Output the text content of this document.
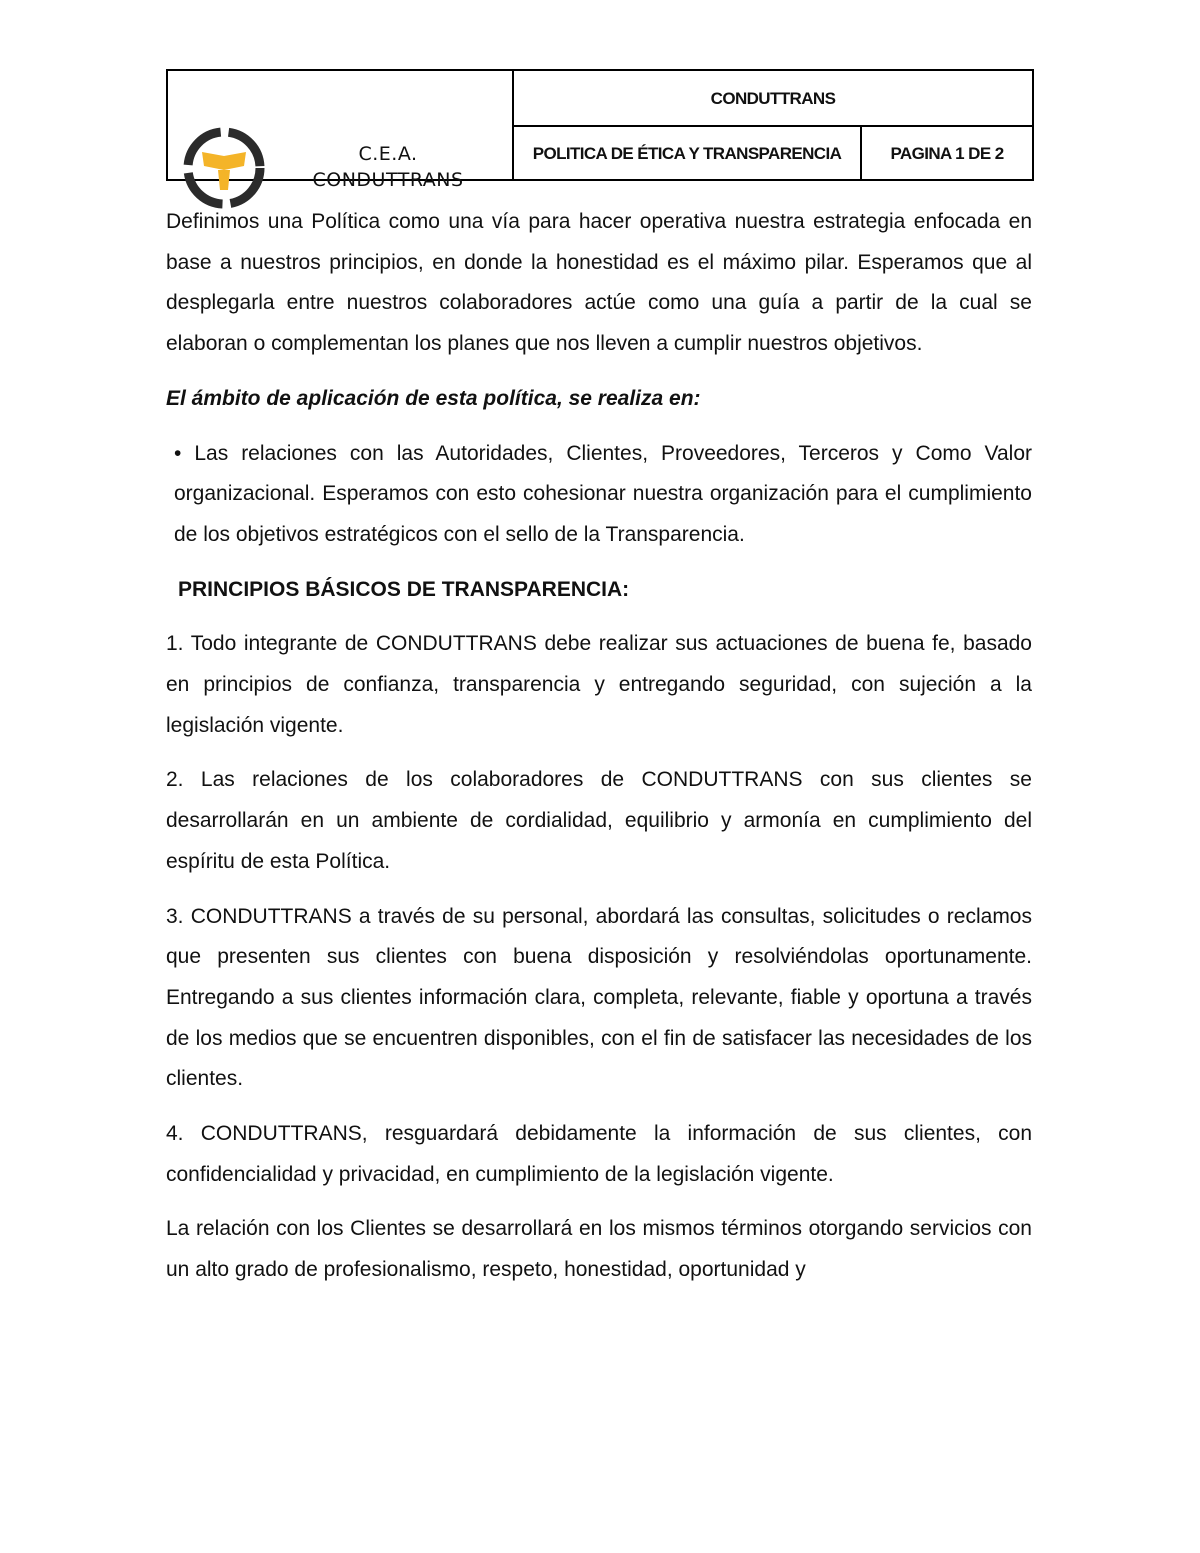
C.E.A. CONDUTTRANS
CONDUTTRANS
POLITICA DE ÉTICA Y TRANSPARENCIA	PAGINA 1 DE 2

Definimos una Política como una vía para hacer operativa nuestra estrategia enfocada en base a nuestros principios, en donde la honestidad es el máximo pilar. Esperamos que al desplegarla entre nuestros colaboradores actúe como una guía a partir de la cual se elaboran o complementan los planes que nos lleven a cumplir nuestros objetivos.

El ámbito de aplicación de esta política, se realiza en:

• Las relaciones con las Autoridades, Clientes, Proveedores, Terceros y Como Valor organizacional. Esperamos con esto cohesionar nuestra organización para el cumplimiento de los objetivos estratégicos con el sello de la Transparencia.

PRINCIPIOS BÁSICOS DE TRANSPARENCIA:

1. Todo integrante de CONDUTTRANS debe realizar sus actuaciones de buena fe, basado en principios de confianza, transparencia y entregando seguridad, con sujeción a la legislación vigente.

2. Las relaciones de los colaboradores de CONDUTTRANS con sus clientes se desarrollarán en un ambiente de cordialidad, equilibrio y armonía en cumplimiento del espíritu de esta Política.

3. CONDUTTRANS a través de su personal, abordará las consultas, solicitudes o reclamos que presenten sus clientes con buena disposición y resolviéndolas oportunamente. Entregando a sus clientes información clara, completa, relevante, fiable y oportuna a través de los medios que se encuentren disponibles, con el fin de satisfacer las necesidades de los clientes.

4. CONDUTTRANS, resguardará debidamente la información de sus clientes, con confidencialidad y privacidad, en cumplimiento de la legislación vigente.

La relación con los Clientes se desarrollará en los mismos términos otorgando servicios con un alto grado de profesionalismo, respeto, honestidad, oportunidad y
